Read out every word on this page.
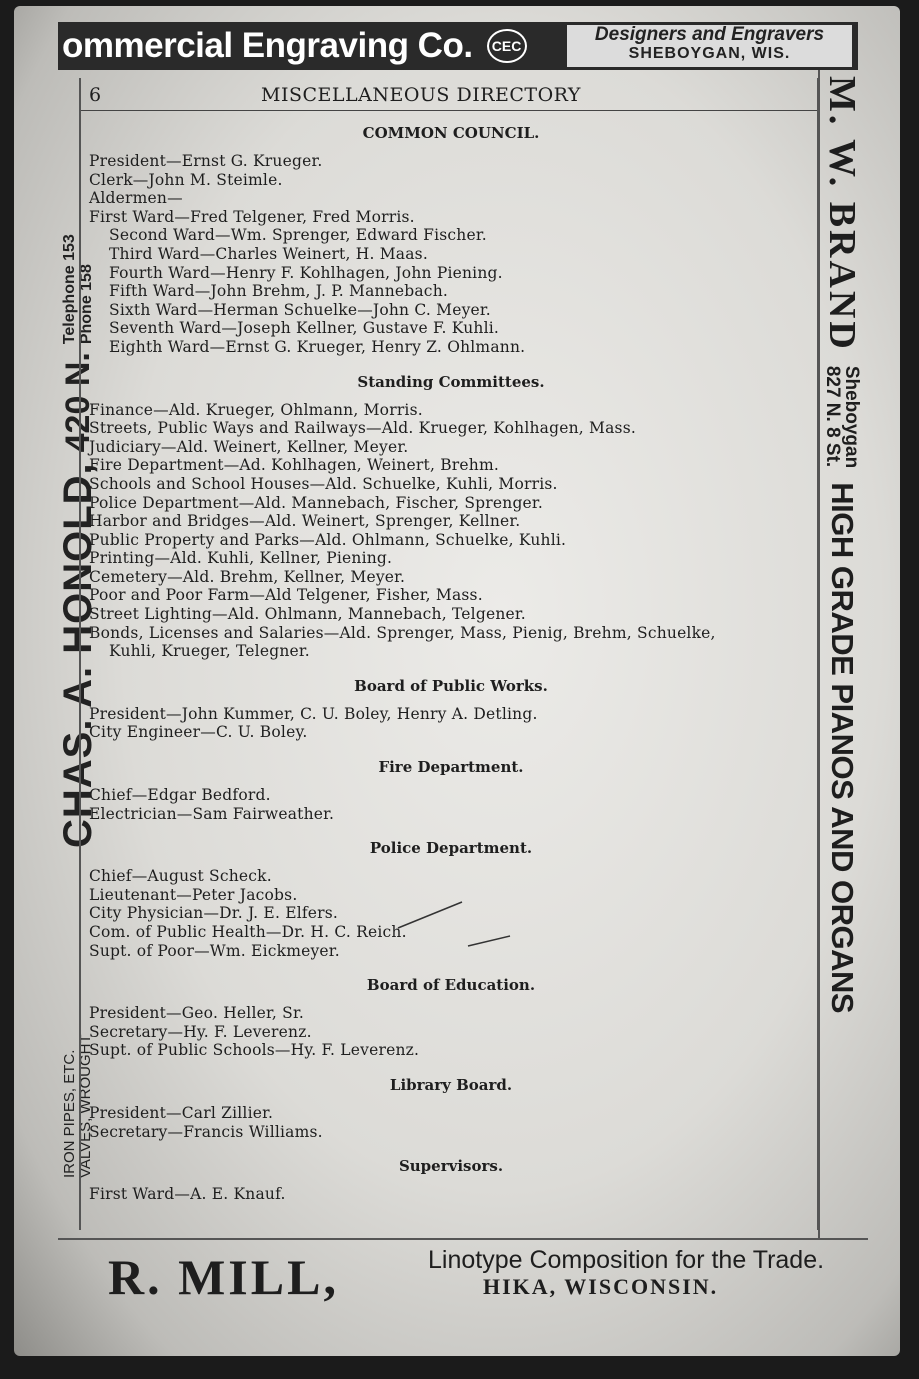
ommercial Engraving Co.	CEC
Designers and Engravers
SHEBOYGAN, WIS.
IRON PIPES, ETC. VALVES, WROUGHT
CHAS. A. HONOLD,
420 N.
Telephone 153 Phone 158
6	MISCELLANEOUS DIRECTORY
COMMON COUNCIL.
President—Ernst G. Krueger.
Clerk—John M. Steimle.
Aldermen—
First Ward—Fred Telgener, Fred Morris.
Second Ward—Wm. Sprenger, Edward Fischer.
Third Ward—Charles Weinert, H. Maas.
Fourth Ward—Henry F. Kohlhagen, John Piening.
Fifth Ward—John Brehm, J. P. Mannebach.
Sixth Ward—Herman Schuelke—John C. Meyer.
Seventh Ward—Joseph Kellner, Gustave F. Kuhli.
Eighth Ward—Ernst G. Krueger, Henry Z. Ohlmann.
Standing Committees.
Finance—Ald. Krueger, Ohlmann, Morris.
Streets, Public Ways and Railways—Ald. Krueger, Kohlhagen, Mass.
Judiciary—Ald. Weinert, Kellner, Meyer.
Fire Department—Ad. Kohlhagen, Weinert, Brehm.
Schools and School Houses—Ald. Schuelke, Kuhli, Morris.
Police Department—Ald. Mannebach, Fischer, Sprenger.
Harbor and Bridges—Ald. Weinert, Sprenger, Kellner.
Public Property and Parks—Ald. Ohlmann, Schuelke, Kuhli.
Printing—Ald. Kuhli, Kellner, Piening.
Cemetery—Ald. Brehm, Kellner, Meyer.
Poor and Poor Farm—Ald Telgener, Fisher, Mass.
Street Lighting—Ald. Ohlmann, Mannebach, Telgener.
Bonds, Licenses and Salaries—Ald. Sprenger, Mass, Pienig, Brehm, Schuelke,
Kuhli, Krueger, Telegner.
Board of Public Works.
President—John Kummer, C. U. Boley, Henry A. Detling.
City Engineer—C. U. Boley.
Fire Department.
Chief—Edgar Bedford.
Electrician—Sam Fairweather.
Police Department.
Chief—August Scheck.
Lieutenant—Peter Jacobs.
City Physician—Dr. J. E. Elfers.
Com. of Public Health—Dr. H. C. Reich.
Supt. of Poor—Wm. Eickmeyer.
Board of Education.
President—Geo. Heller, Sr.
Secretary—Hy. F. Leverenz.
Supt. of Public Schools—Hy. F. Leverenz.
Library Board.
President—Carl Zillier.
Secretary—Francis Williams.
Supervisors.
First Ward—A. E. Knauf.
M. W. BRAND
Sheboygan
827 N. 8 St.
HIGH GRADE PIANOS AND ORGANS
R. MILL,	Linotype Composition for the Trade.
HIKA, WISCONSIN.
